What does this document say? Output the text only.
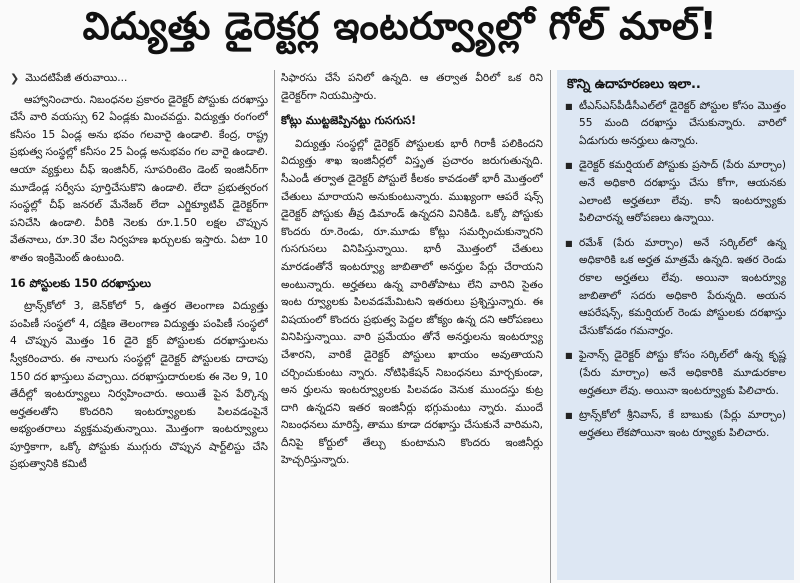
విద్యుత్తు డైరెక్టర్ల ఇంటర్వ్యూల్లో గోల్ మాల్!
❯ మొదటిపేజీ తరువాయి...

ఆహ్వానించారు. నిబంధనల ప్రకారం డైరెక్టర్ పోస్టుకు దరఖాస్తు చేసే వారి వయస్సు 62 ఏండ్లకు మించవద్దు. విద్యుత్తు రంగంలో కనీసం 15 ఏండ్ల అను భవం గలవారై ఉండాలి. కేంద్ర, రాష్ట్ర ప్రభుత్వ సంస్థల్లో కనీసం 25 ఏండ్ల అనుభవం గల వారై ఉండాలి. ఆయా వ్యక్తులు చీఫ్ ఇంజినీర్, సూపరింటెం డెంట్ ఇంజినీర్‌గా మూడేండ్ల సర్వీసు పూర్తిచేసుకొని ఉండాలి. లేదా ప్రభుత్వరంగ సంస్థల్లో చీఫ్ జనరల్ మేనేజర్ లేదా ఎగ్జిక్యూటివ్ డైరెక్టర్‌గా పనిచేసి ఉండాలి. వీరికి నెలకు రూ.1.50 లక్షల చొప్పున వేతనాలు, రూ.30 వేల నిర్వహణ ఖర్చులకు ఇస్తారు. ఏటా 10 శాతం ఇంక్రిమెంట్ ఉంటుంది.

16 పోస్టులకు 150 దరఖాస్తులు

ట్రాన్స్‌కోలో 3, జెన్‌కోలో 5, ఉత్తర తెలంగాణ విద్యుత్తు పంపిణీ సంస్థలో 4, దక్షిణ తెలంగాణ విద్యుత్తు పంపిణీ సంస్థలో 4 చొప్పున మొత్తం 16 డైరె క్టర్ పోస్టులకు దరఖాస్తులను స్వీకరించారు. ఈ నాలుగు సంస్థల్లో డైరెక్టర్ పోస్టులకు దాదాపు 150 దర ఖాస్తులు వచ్చాయి. దరఖాస్తుదారులకు ఈ నెల 9, 10 తేదీల్లో ఇంటర్వ్యూలు నిర్వహించారు. అయితే పైన పేర్కొన్న అర్హతలతోని కొందరిని ఇంటర్వ్యూలకు పిలవడంపైనే అభ్యంతరాలు వ్యక్తమవుతున్నాయి. మొత్తంగా ఇంటర్వ్యూలు పూర్తికాగా, ఒక్కో పోస్టుకు ముగ్గురు చొప్పున షార్ట్‌లిస్టు చేసి ప్రభుత్వానికి కమిటీ

సిఫారసు చేసే పనిలో ఉన్నది. ఆ తర్వాత వీరిలో ఒక రిని డైరెక్టర్‌గా నియమిస్తారు.

కోట్లు ముట్టజెప్పినట్టు గుసగుస!

విద్యుత్తు సంస్థల్లో డైరెక్టర్ పోస్టులకు భారీ గిరాకీ పలికిందని విద్యుత్తు శాఖ ఇంజినీర్లలో విస్తృత ప్రచారం జరుగుతున్నది. సీఎండీ తర్వాత డైరెక్టర్ పోస్టులే కీలకం కావడంతో భారీ మొత్తంలో చేతులు మారాయని అనుకుంటున్నారు. ముఖ్యంగా ఆపరే షన్స్ డైరెక్టర్ పోస్టుకు తీవ్ర డిమాండ్ ఉన్నదని వినికిడి. ఒక్కో పోస్టుకు కొందరు రూ.రెండు, రూ.మూడు కోట్లు సమర్పించుకున్నారని గుసగుసలు వినిపిస్తున్నాయి. భారీ మొత్తంలో చేతులు మారడంతోనే ఇంటర్వ్యూ జాబితాలో అనర్హుల పేర్లు చేరాయని అంటున్నారు. అర్హతలు ఉన్న వారితోపాటు లేని వారిని సైతం ఇంట ర్వ్యూలకు పిలవడమేమిటని ఇతరులు ప్రశ్నిస్తున్నారు. ఈ విషయంలో కొందరు ప్రభుత్వ పెద్దల జోక్యం ఉన్న దని ఆరోపణలు వినిపిస్తున్నాయి. వారి ప్రమేయం తోనే అనర్హులను ఇంటర్వ్యూ చేశారని, వారికే డైరెక్టర్ పోస్టులు ఖాయం అవుతాయని చర్చించుకుంటు న్నారు. నోటిఫికేషన్ నిబంధనలు మార్చకుండా, అన ర్హులను ఇంటర్వ్యూలకు పిలవడం వెనుక ముందస్తు కుట్ర దాగి ఉన్నదని ఇతర ఇంజినీర్లు భగ్గుమంటు న్నారు. ముందే నిబంధనలు మారిస్తే, తాము కూడా దరఖాస్తు చేసుకునే వారిమని, దీనిపై కోర్టులో తేల్చు కుంటామని కొందరు ఇంజినీర్లు హెచ్చరిస్తున్నారు.

కొన్ని ఉదాహరణలు ఇలా..
■ టీఎస్‌ఎస్‌పీడీసీఎల్‌లో డైరెక్టర్ పోస్టుల కోసం మొత్తం 55 మంది దరఖాస్తు చేసుకున్నారు. వారిలో ఏడుగురు అనర్హులు ఉన్నారు.
■ డైరెక్టర్ కమర్షియల్ పోస్టుకు ప్రసాద్ (పేరు మార్చాం) అనే అధికారి దరఖాస్తు చేసు కోగా, ఆయనకు ఎలాంటి అర్హతలూ లేవు. కానీ ఇంటర్వ్యూకు పిలిచారన్న ఆరోపణలు ఉన్నాయి.
■ రమేశ్ (పేరు మార్చాం) అనే సర్కిల్‌లో ఉన్న అధికారికి ఒక అర్హత మాత్రమే ఉన్నది. ఇతర రెండు రకాల అర్హతలు లేవు. అయినా ఇంటర్వ్యూ జాబితాలో సదరు అధికారి పేరున్నది. అయన ఆపరేషన్స్, కమర్షియల్ రెండు పోస్టులకు దరఖాస్తు చేసుకోవడం గమనార్హం.
■ ఫైనాన్స్ డైరెక్టర్ పోస్టు కోసం సర్కిల్‌లో ఉన్న కృష్ణ (పేరు మార్చాం) అనే అధికారికి మూడురకాల అర్హతలూ లేవు. అయినా ఇంటర్వ్యూకు పిలిచారు.
■ ట్రాన్స్‌కోలో శ్రీనివాస్, కే బాబుకు (పేర్లు మార్చాం) అర్హతలు లేకపోయినా ఇంట ర్వ్యూకు పిలిచారు.
